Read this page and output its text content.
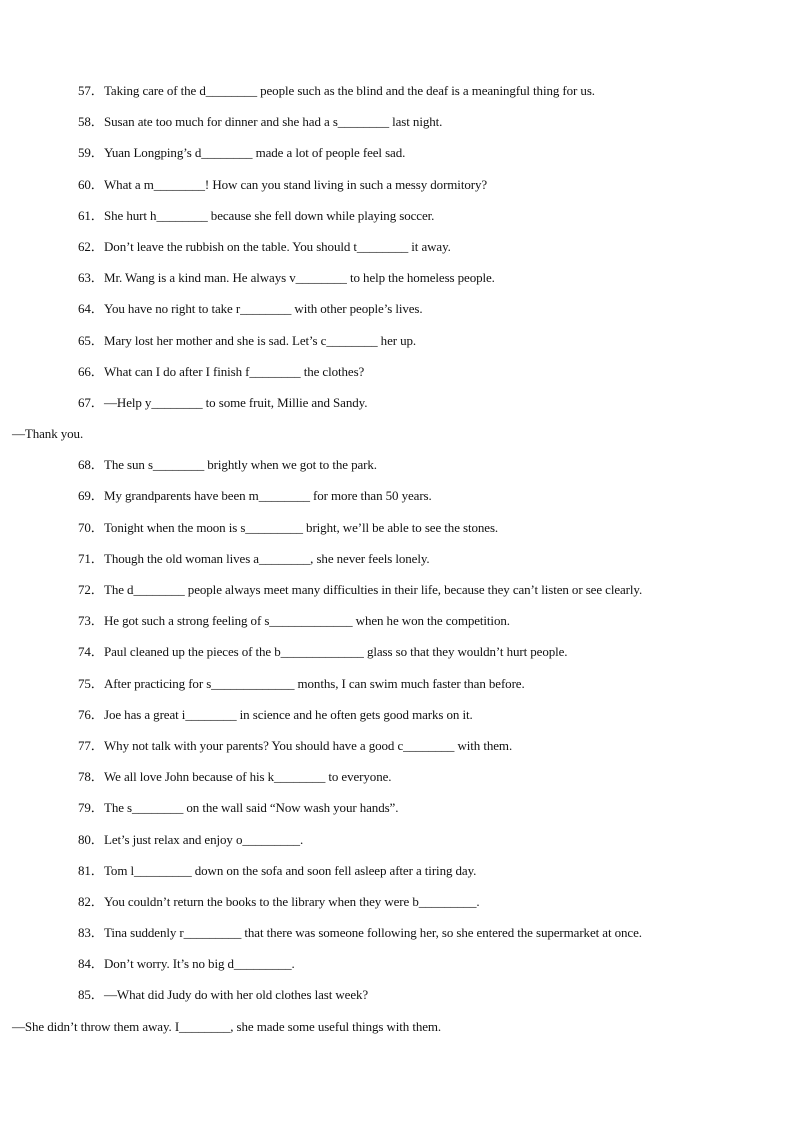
57．Taking care of the d________ people such as the blind and the deaf is a meaningful thing for us.
58．Susan ate too much for dinner and she had a s________ last night.
59．Yuan Longping’s d________ made a lot of people feel sad.
60．What a m________! How can you stand living in such a messy dormitory?
61．She hurt h________ because she fell down while playing soccer.
62．Don’t leave the rubbish on the table. You should t________ it away.
63．Mr. Wang is a kind man. He always v________ to help the homeless people.
64．You have no right to take r________ with other people’s lives.
65．Mary lost her mother and she is sad. Let’s c________ her up.
66．What can I do after I finish f________ the clothes?
67．—Help y________ to some fruit, Millie and Sandy.
—Thank you.
68．The sun s________ brightly when we got to the park.
69．My grandparents have been m________ for more than 50 years.
70．Tonight when the moon is s_________ bright, we’ll be able to see the stones.
71．Though the old woman lives a________, she never feels lonely.
72．The d________ people always meet many difficulties in their life, because they can’t listen or see clearly.
73．He got such a strong feeling of s_____________ when he won the competition.
74．Paul cleaned up the pieces of the b_____________ glass so that they wouldn’t hurt people.
75．After practicing for s_____________ months, I can swim much faster than before.
76．Joe has a great i________ in science and he often gets good marks on it.
77．Why not talk with your parents? You should have a good c________ with them.
78．We all love John because of his k________ to everyone.
79．The s________ on the wall said “Now wash your hands”.
80．Let’s just relax and enjoy o_________.
81．Tom l_________ down on the sofa and soon fell asleep after a tiring day.
82．You couldn’t return the books to the library when they were b_________.
83．Tina suddenly r_________ that there was someone following her, so she entered the supermarket at once.
84．Don’t worry. It’s no big d_________.
85．—What did Judy do with her old clothes last week?
—She didn’t throw them away. I________, she made some useful things with them.
